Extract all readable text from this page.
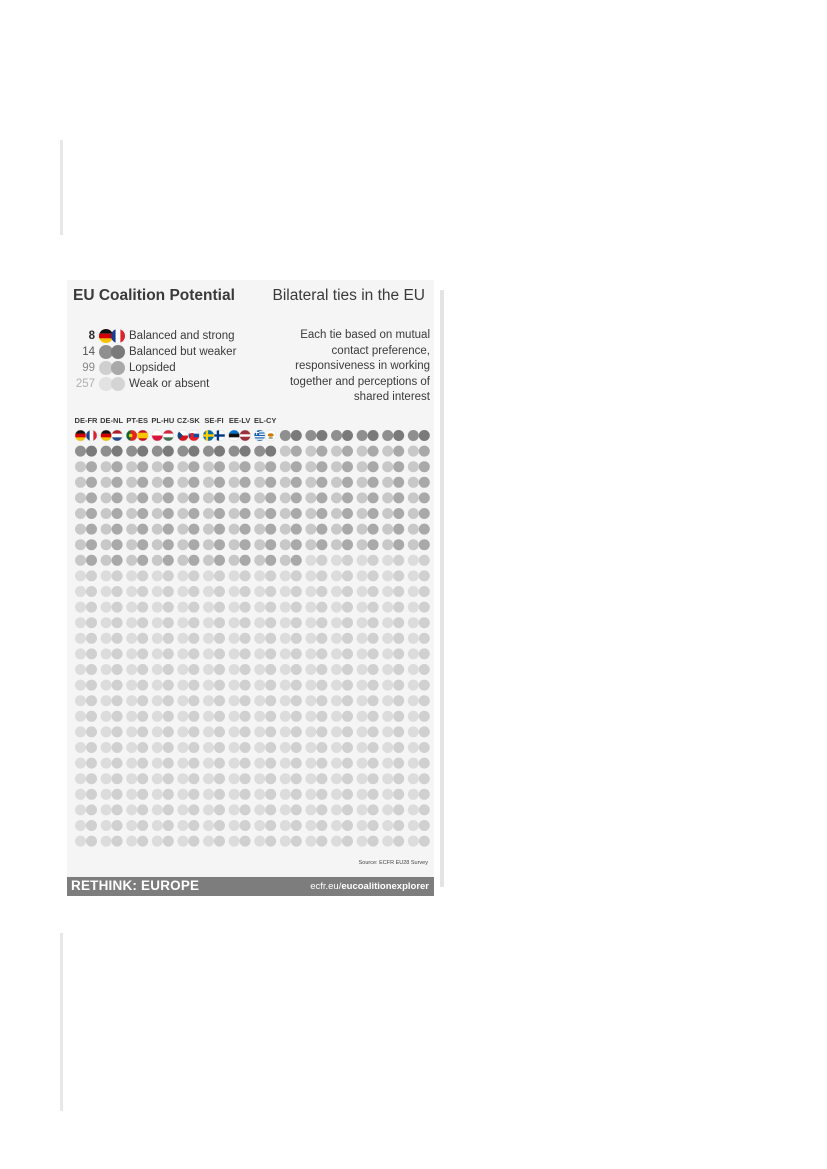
EU Coalition Potential Bilateral ties in the EU
8	Balanced and strong
14	Balanced but weaker
99	Lopsided
257	Weak or absent
Each tie based on mutual contact preference, responsiveness in working together and perceptions of shared interest
DE-FR DE-NL PT-ES PL-HU CZ-SK SE-FI EE-LV EL-CY
Source: ECFR EU28 Survey
RETHINK: EUROPE	ecfr.eu/eucoalitionexplorer
